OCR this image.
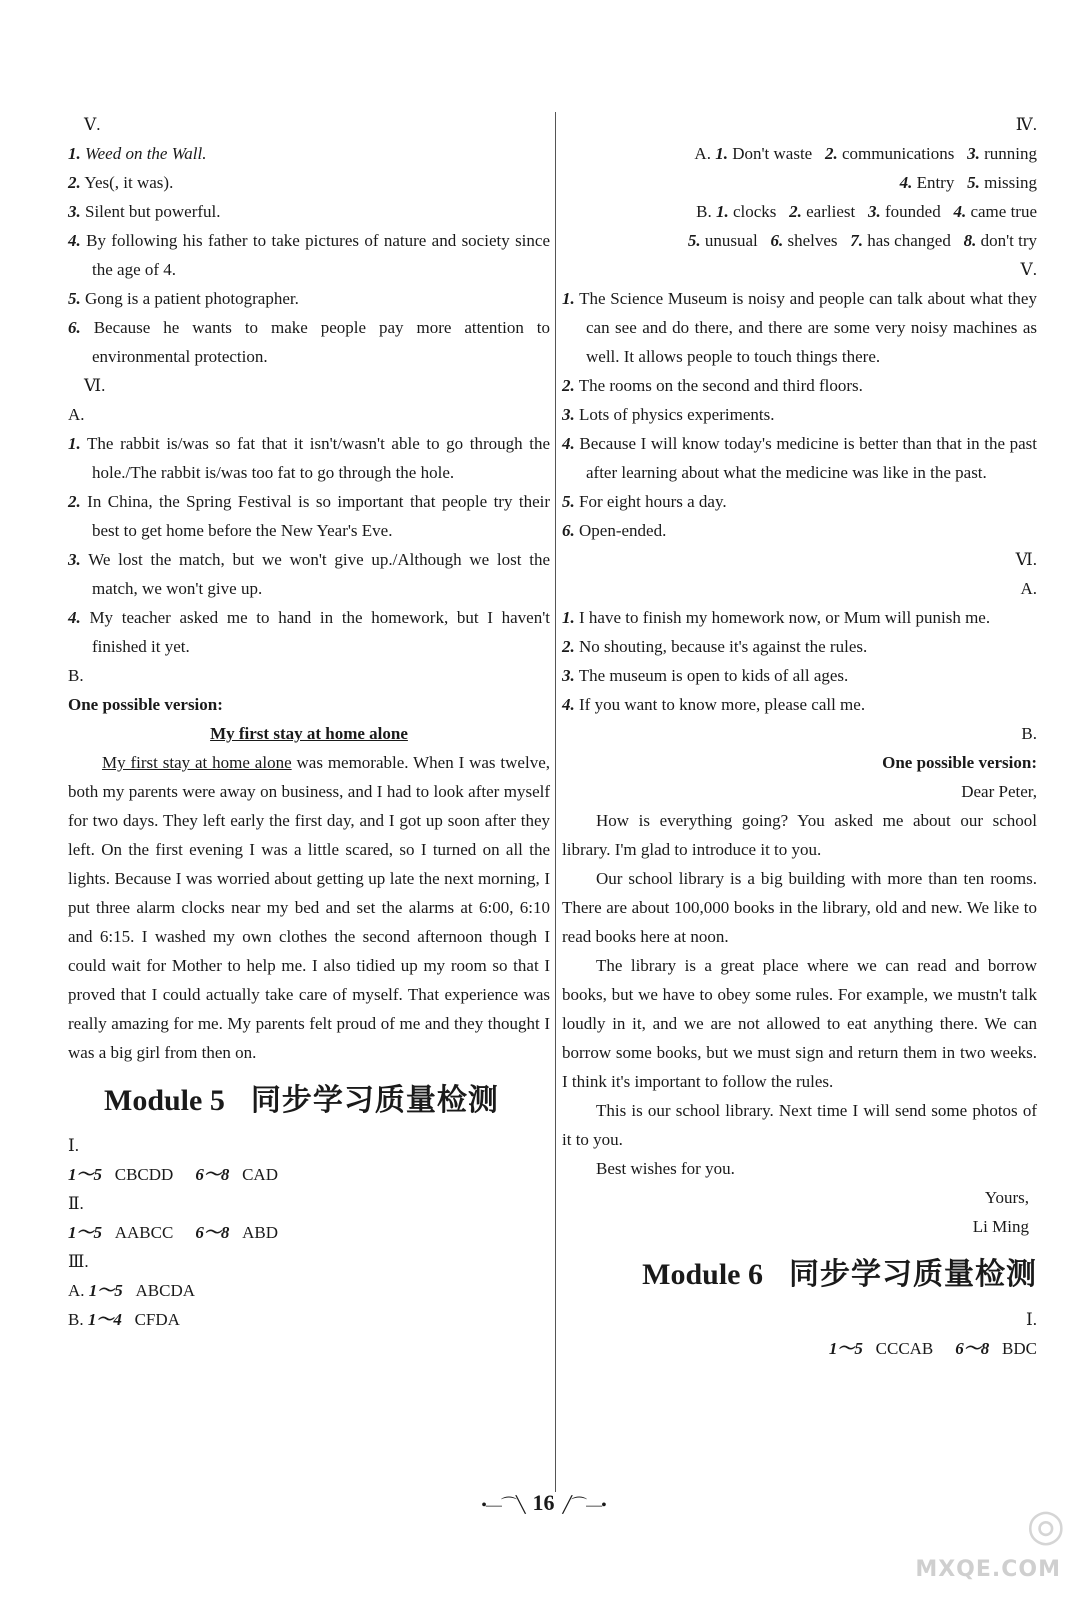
Ⅴ.
1. Weed on the Wall.
2. Yes(, it was).
3. Silent but powerful.
4. By following his father to take pictures of nature and society since the age of 4.
5. Gong is a patient photographer.
6. Because he wants to make people pay more attention to environmental protection.
Ⅵ.
A.
1. The rabbit is/was so fat that it isn't/wasn't able to go through the hole./The rabbit is/was too fat to go through the hole.
2. In China, the Spring Festival is so important that people try their best to get home before the New Year's Eve.
3. We lost the match, but we won't give up./Although we lost the match, we won't give up.
4. My teacher asked me to hand in the homework, but I haven't finished it yet.
B.
One possible version:
My first stay at home alone
My first stay at home alone was memorable. When I was twelve, both my parents were away on business, and I had to look after myself for two days. They left early the first day, and I got up soon after they left. On the first evening I was a little scared, so I turned on all the lights. Because I was worried about getting up late the next morning, I put three alarm clocks near my bed and set the alarms at 6:00, 6:10 and 6:15. I washed my own clothes the second afternoon though I could wait for Mother to help me. I also tidied up my room so that I proved that I could actually take care of myself. That experience was really amazing for me. My parents felt proud of me and they thought I was a big girl from then on.
Module 5 同步学习质量检测
Ⅰ.
1～5 CBCDD 6～8 CAD
Ⅱ.
1～5 AABCC 6～8 ABD
Ⅲ.
A. 1～5 ABCDA
B. 1～4 CFDA
Ⅳ.
A. 1. Don't waste 2. communications 3. running
4. Entry 5. missing
B. 1. clocks 2. earliest 3. founded 4. came true
5. unusual 6. shelves 7. has changed 8. don't try
Ⅴ.
1. The Science Museum is noisy and people can talk about what they can see and do there, and there are some very noisy machines as well. It allows people to touch things there.
2. The rooms on the second and third floors.
3. Lots of physics experiments.
4. Because I will know today's medicine is better than that in the past after learning about what the medicine was like in the past.
5. For eight hours a day.
6. Open-ended.
Ⅵ.
A.
1. I have to finish my homework now, or Mum will punish me.
2. No shouting, because it's against the rules.
3. The museum is open to kids of all ages.
4. If you want to know more, please call me.
B.
One possible version:
Dear Peter,
How is everything going? You asked me about our school library. I'm glad to introduce it to you.
Our school library is a big building with more than ten rooms. There are about 100,000 books in the library, old and new. We like to read books here at noon.
The library is a great place where we can read and borrow books, but we have to obey some rules. For example, we mustn't talk loudly in it, and we are not allowed to eat anything there. We can borrow some books, but we must sign and return them in two weeks. I think it's important to follow the rules.
This is our school library. Next time I will send some photos of it to you.
Best wishes for you.
Yours,
Li Ming
Module 6 同步学习质量检测
Ⅰ.
1～5 CCCAB 6～8 BDC
•—⌒╲ 16 ╱⌒—•	◎
MXQE.COM
